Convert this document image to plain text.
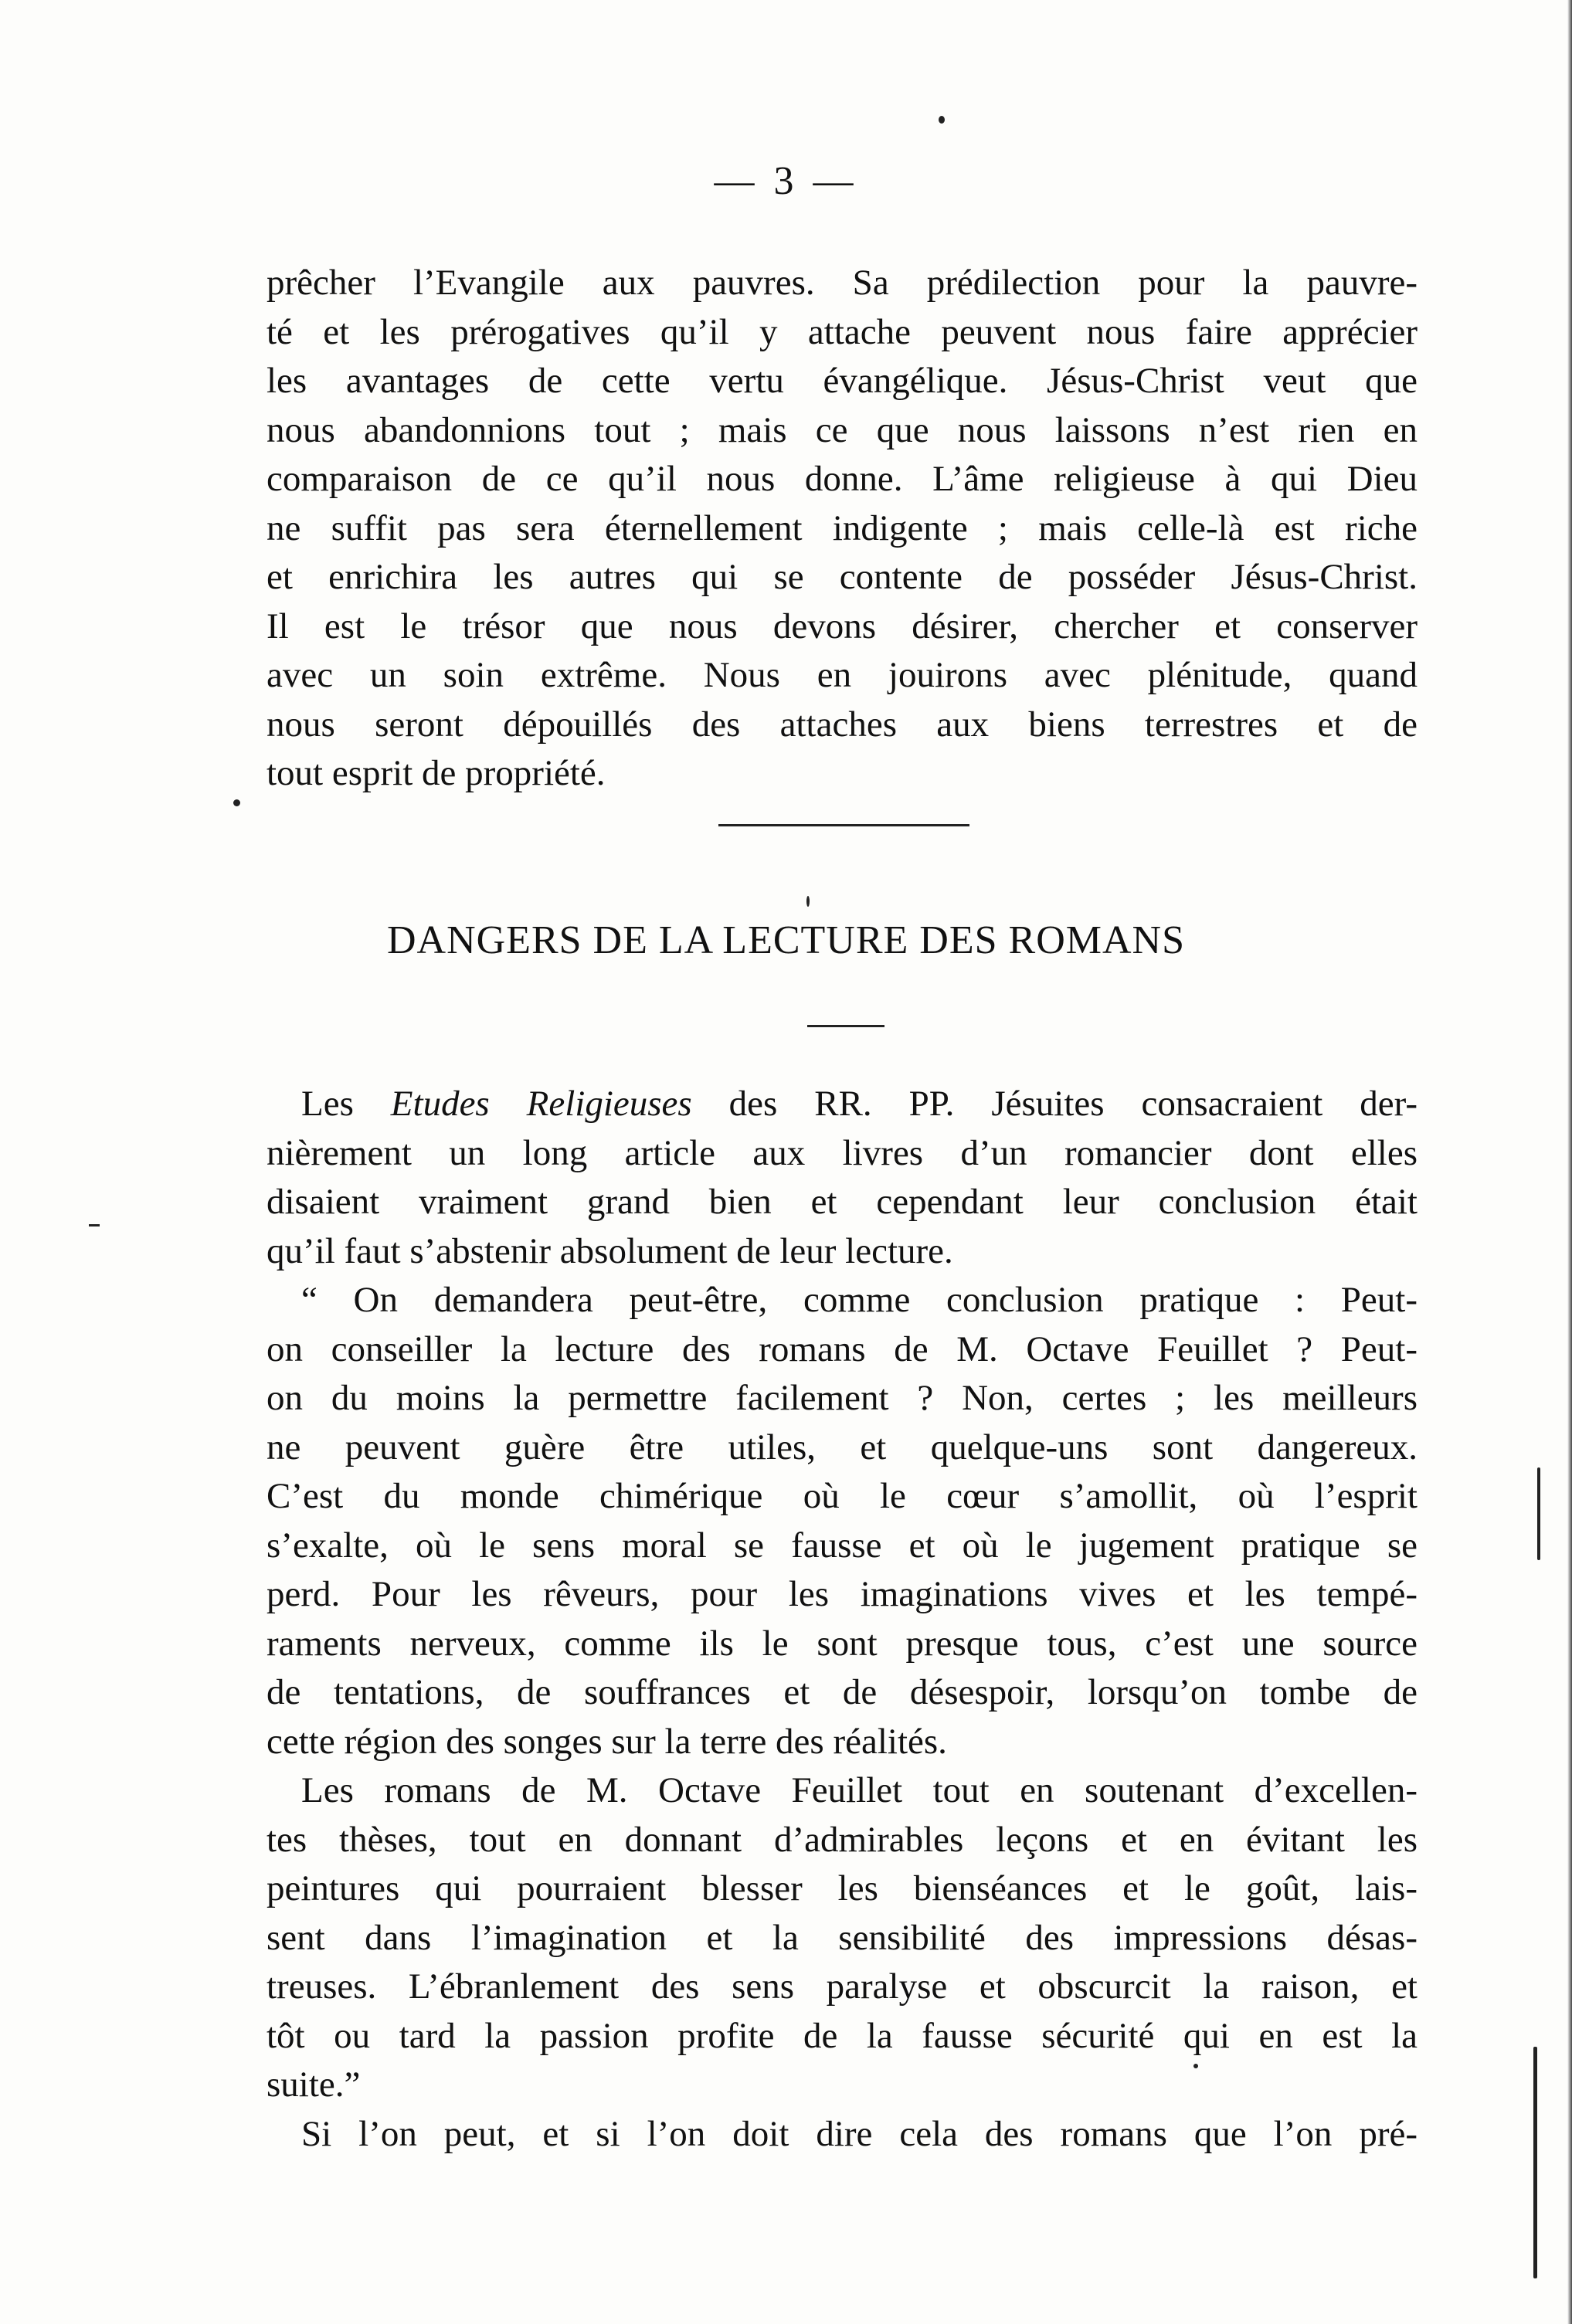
— 3 —
prêcher l’Evangile aux pauvres. Sa prédilection pour la pauvre-
té et les prérogatives qu’il y attache peuvent nous faire apprécier
les avantages de cette vertu évangélique. Jésus-Christ veut que
nous abandonnions tout ; mais ce que nous laissons n’est rien en
comparaison de ce qu’il nous donne. L’âme religieuse à qui Dieu
ne suffit pas sera éternellement indigente ; mais celle-là est riche
et enrichira les autres qui se contente de posséder Jésus-Christ.
Il est le trésor que nous devons désirer, chercher et conserver
avec un soin extrême. Nous en jouirons avec plénitude, quand
nous seront dépouillés des attaches aux biens terrestres et de
tout esprit de propriété.
DANGERS DE LA LECTURE DES ROMANS
Les Etudes Religieuses des RR. PP. Jésuites consacraient der-
nièrement un long article aux livres d’un romancier dont elles
disaient vraiment grand bien et cependant leur conclusion était
qu’il faut s’abstenir absolument de leur lecture.
“ On demandera peut-être, comme conclusion pratique : Peut-
on conseiller la lecture des romans de M. Octave Feuillet ? Peut-
on du moins la permettre facilement ? Non, certes ; les meilleurs
ne peuvent guère être utiles, et quelque-uns sont dangereux.
C’est du monde chimérique où le cœur s’amollit, où l’esprit
s’exalte, où le sens moral se fausse et où le jugement pratique se
perd. Pour les rêveurs, pour les imaginations vives et les tempé-
raments nerveux, comme ils le sont presque tous, c’est une source
de tentations, de souffrances et de désespoir, lorsqu’on tombe de
cette région des songes sur la terre des réalités.
Les romans de M. Octave Feuillet tout en soutenant d’excellen-
tes thèses, tout en donnant d’admirables leçons et en évitant les
peintures qui pourraient blesser les bienséances et le goût, lais-
sent dans l’imagination et la sensibilité des impressions désas-
treuses. L’ébranlement des sens paralyse et obscurcit la raison, et
tôt ou tard la passion profite de la fausse sécurité qui en est la
suite.”
Si l’on peut, et si l’on doit dire cela des romans que l’on pré-
